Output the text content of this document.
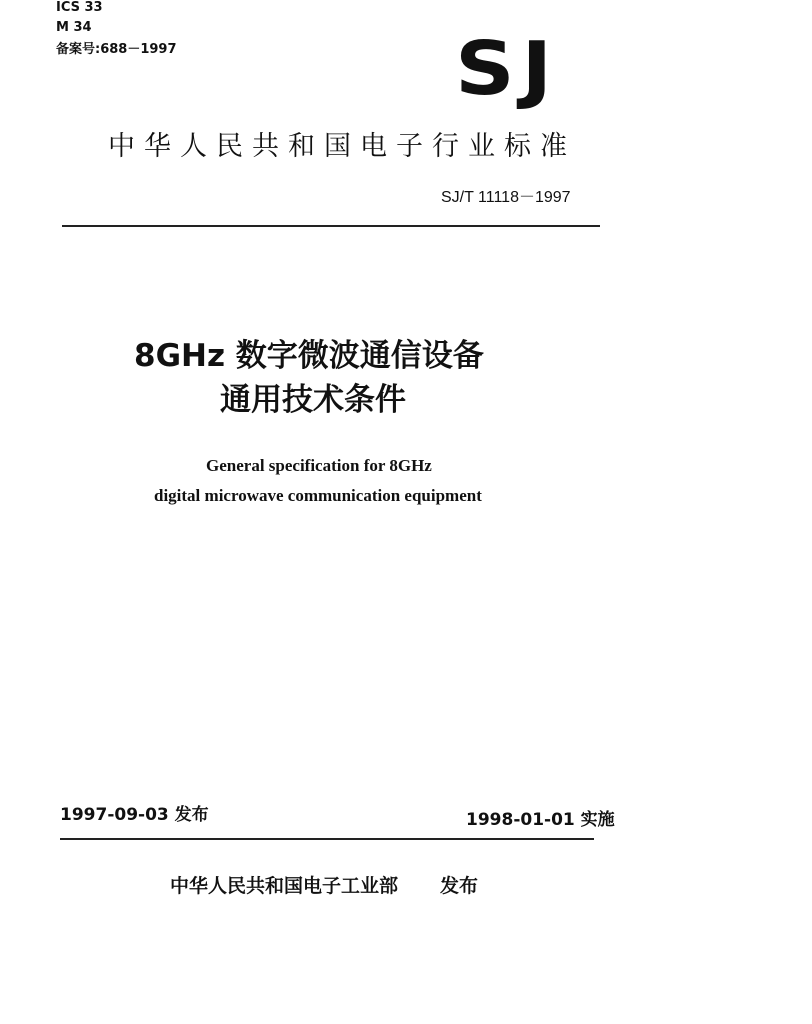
ICS 33
M 34
备案号:688－1997	SJ
中华人民共和国电子行业标准
SJ/T 11118－1997
8GHz 数字微波通信设备
通用技术条件
General specification for 8GHz
digital microwave communication equipment
1997-09-03 发布	1998-01-01 实施
中华人民共和国电子工业部 发布
